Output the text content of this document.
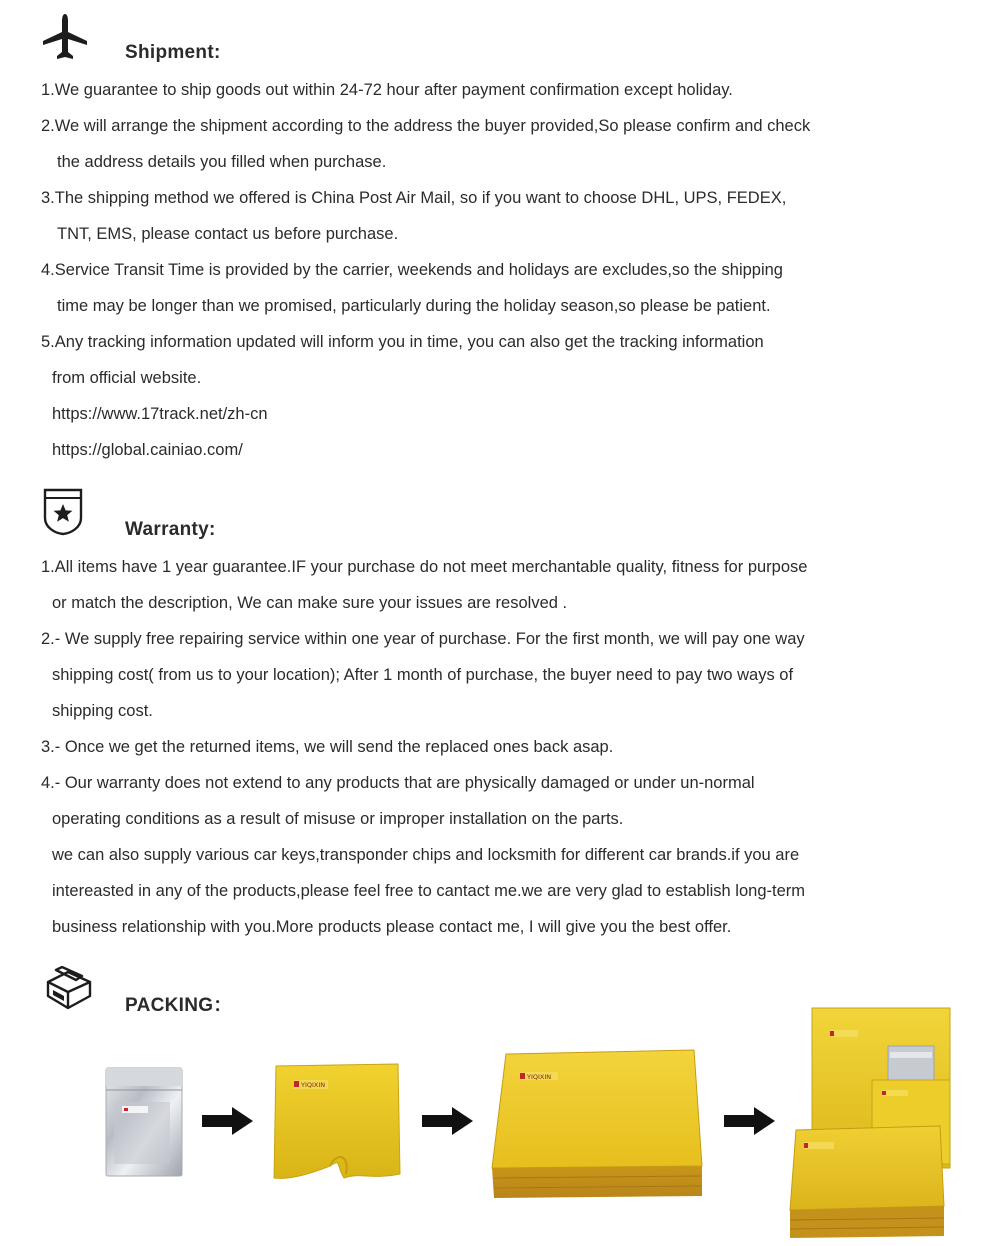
Shipment:
1.We guarantee to ship goods out within 24-72 hour after payment confirmation except holiday.
2.We will arrange the shipment according to the address the buyer provided,So please confirm and check
the address details you filled when purchase.
3.The shipping method we offered is China Post Air Mail, so if you want to choose DHL, UPS, FEDEX,
TNT, EMS, please contact us before purchase.
4.Service Transit Time is provided by the carrier, weekends and holidays are excludes,so the shipping
time may be longer than we promised, particularly during the holiday season,so please be patient.
5.Any tracking information updated will inform you in time, you can also get the tracking information
from official website.
https://www.17track.net/zh-cn
https://global.cainiao.com/
Warranty:
1.All items have 1 year guarantee.IF your purchase do not meet merchantable quality, fitness for purpose
or match the description, We can make sure your issues are resolved .
2.- We supply free repairing service within one year of purchase. For the first month, we will pay one way
shipping cost( from us to your location); After 1 month of purchase, the buyer need to pay two ways of
shipping cost.
3.- Once we get the returned items, we will send the replaced ones back asap.
4.- Our warranty does not extend to any products that are physically damaged or under un-normal
operating conditions as a result of misuse or improper installation on the parts.
we can also supply various car keys,transponder chips and locksmith for different car brands.if you are
intereasted in any of the products,please feel free to cantact me.we are very glad to establish long-term
business relationship with you.More products please contact me, I will give you the best offer.
PACKING：
YIQIXIN
YIQIXIN
